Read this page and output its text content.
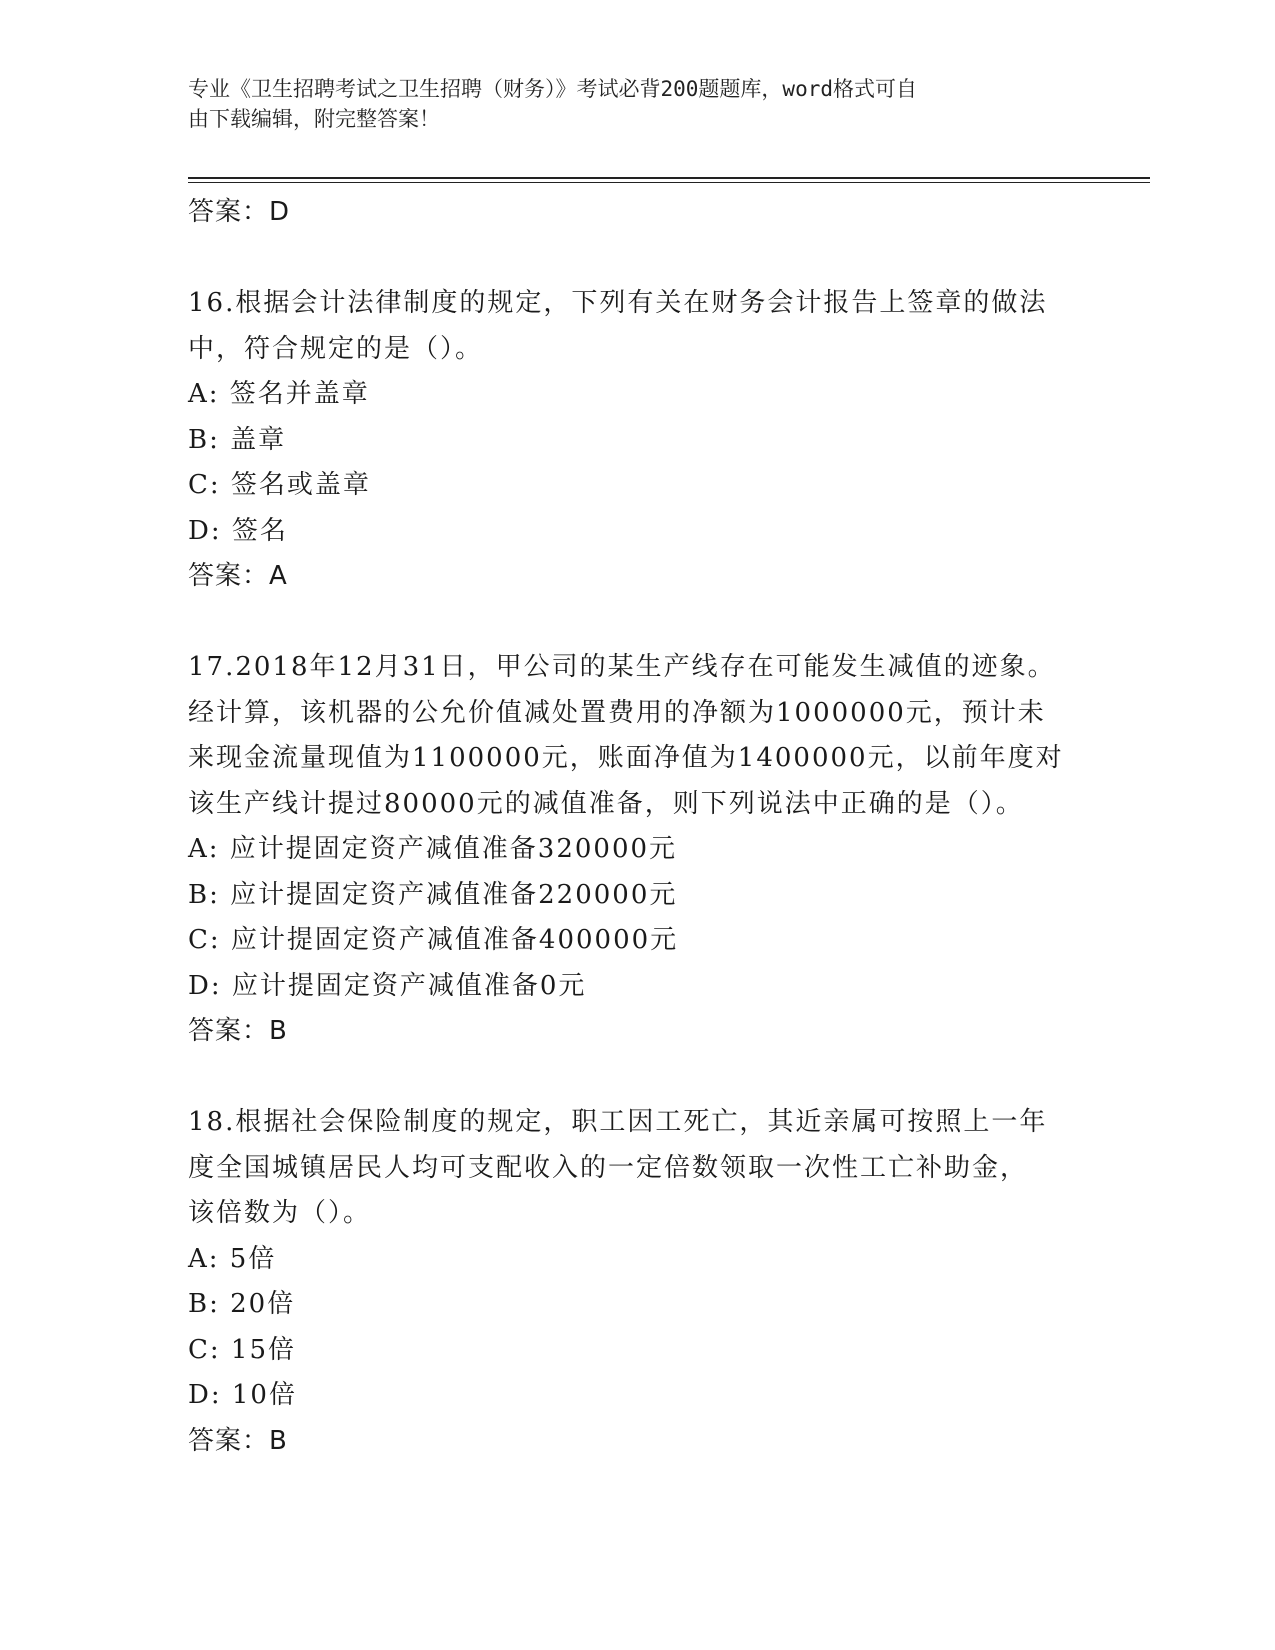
专业《卫生招聘考试之卫生招聘（财务）》考试必背200题题库，word格式可自
由下载编辑，附完整答案！
答案：D
16.根据会计法律制度的规定，下列有关在财务会计报告上签章的做法
中，符合规定的是（）。
A: 签名并盖章
B: 盖章
C: 签名或盖章
D: 签名
答案：A
17.2018年12月31日，甲公司的某生产线存在可能发生减值的迹象。
经计算，该机器的公允价值减处置费用的净额为1000000元，预计未
来现金流量现值为1100000元，账面净值为1400000元，以前年度对
该生产线计提过80000元的减值准备，则下列说法中正确的是（）。
A: 应计提固定资产减值准备320000元
B: 应计提固定资产减值准备220000元
C: 应计提固定资产减值准备400000元
D: 应计提固定资产减值准备0元
答案：B
18.根据社会保险制度的规定，职工因工死亡，其近亲属可按照上一年
度全国城镇居民人均可支配收入的一定倍数领取一次性工亡补助金，
该倍数为（）。
A: 5倍
B: 20倍
C: 15倍
D: 10倍
答案：B
